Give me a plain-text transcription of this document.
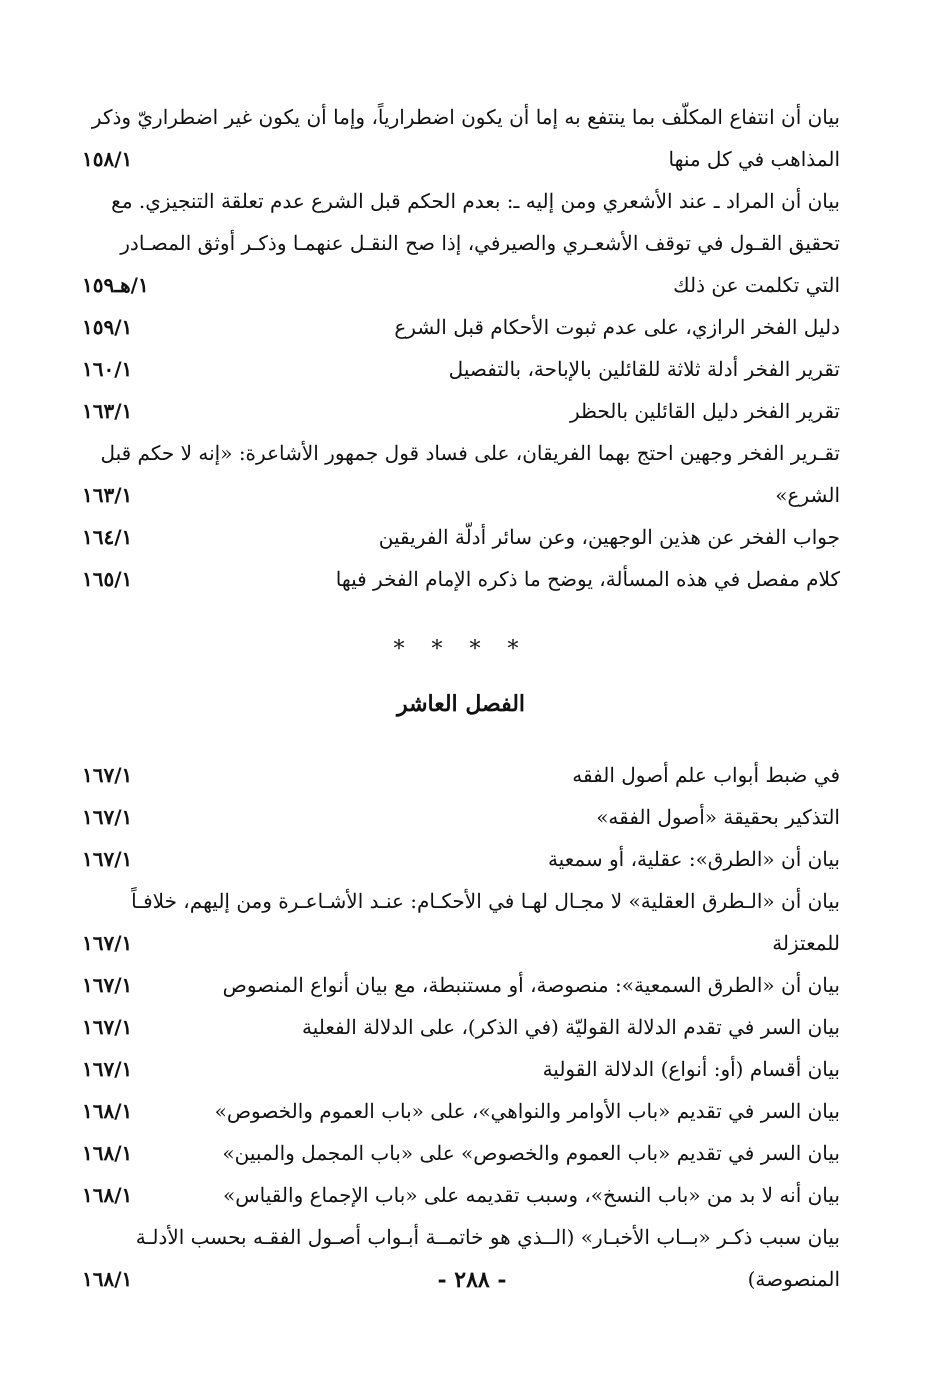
بيان أن انتفاع المكلّف بما ينتفع به إما أن يكون اضطرارياً، وإما أن يكون غير اضطراريّ وذكر
المذاهب في كل منها
١٥٨/١
بيان أن المراد ـ عند الأشعري ومن إليه ـ: بعدم الحكم قبل الشرع عدم تعلقة التنجيزي. مع
تحقيق القـول في توقف الأشعـري والصيرفي، إذا صح النقـل عنهمـا وذكـر أوثق المصـادر
التي تكلمت عن ذلك
١/هـ١٥٩
دليل الفخر الرازي، على عدم ثبوت الأحكام قبل الشرع
١٥٩/١
تقرير الفخر أدلة ثلاثة للقائلين بالإباحة، بالتفصيل
١٦٠/١
تقرير الفخر دليل القائلين بالحظر
١٦٣/١
تقـرير الفخر وجهين احتج بهما الفريقان، على فساد قول جمهور الأشاعرة: «إنه لا حكم قبل
الشرع»
١٦٣/١
جواب الفخر عن هذين الوجهين، وعن سائر أدلّة الفريقين
١٦٤/١
كلام مفصل في هذه المسألة، يوضح ما ذكره الإمام الفخر فيها
١٦٥/١
* * * *
الفصل العاشر
في ضبط أبواب علم أصول الفقه
١٦٧/١
التذكير بحقيقة «أصول الفقه»
١٦٧/١
بيان أن «الطرق»: عقلية، أو سمعية
١٦٧/١
بيان أن «الـطرق العقلية» لا مجـال لهـا في الأحكـام: عنـد الأشـاعـرة ومن إليهم، خلافـاً
للمعتزلة
١٦٧/١
بيان أن «الطرق السمعية»: منصوصة، أو مستنبطة، مع بيان أنواع المنصوص
١٦٧/١
بيان السر في تقدم الدلالة القوليّة (في الذكر)، على الدلالة الفعلية
١٦٧/١
بيان أقسام (أو: أنواع) الدلالة القولية
١٦٧/١
بيان السر في تقديم «باب الأوامر والنواهي»، على «باب العموم والخصوص»
١٦٨/١
بيان السر في تقديم «باب العموم والخصوص» على «باب المجمل والمبين»
١٦٨/١
بيان أنه لا بد من «باب النسخ»، وسبب تقديمه على «باب الإجماع والقياس»
١٦٨/١
بيان سبب ذكـر «بــاب الأخبـار» (الــذي هو خاتمــة أبـواب أصـول الفقـه بحسب الأدلـة
المنصوصة)
١٦٨/١	- ٢٨٨ -
